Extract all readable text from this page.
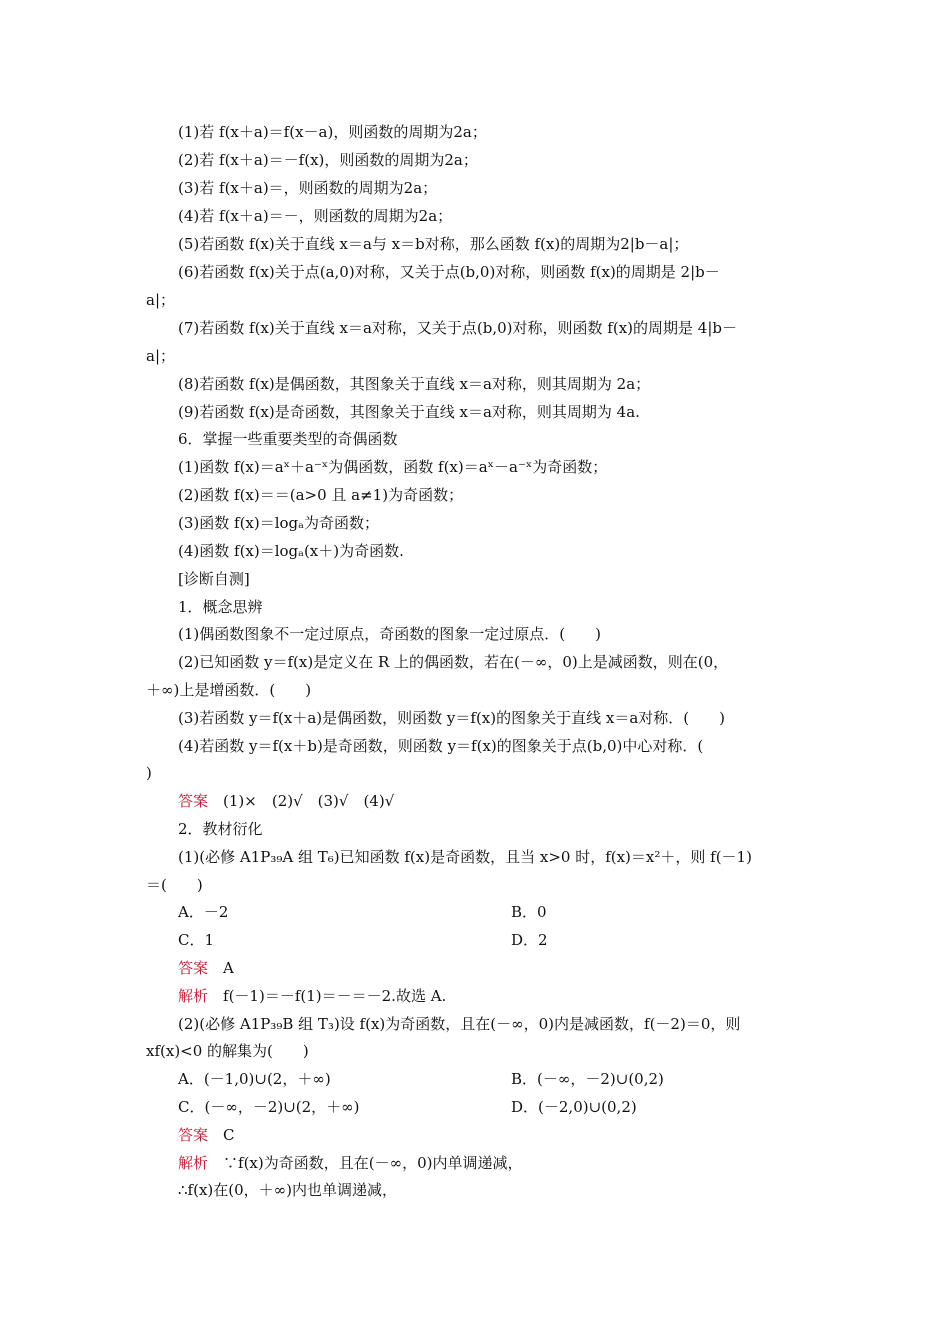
(1)若 f(x＋a)＝f(x－a)，则函数的周期为2a；
(2)若 f(x＋a)＝－f(x)，则函数的周期为2a；
(3)若 f(x＋a)＝，则函数的周期为2a；
(4)若 f(x＋a)＝－，则函数的周期为2a；
(5)若函数 f(x)关于直线 x＝a与 x＝b对称，那么函数 f(x)的周期为2|b－a|；
(6)若函数 f(x)关于点(a,0)对称，又关于点(b,0)对称，则函数 f(x)的周期是 2|b－
a|；
(7)若函数 f(x)关于直线 x＝a对称，又关于点(b,0)对称，则函数 f(x)的周期是 4|b－
a|；
(8)若函数 f(x)是偶函数，其图象关于直线 x＝a对称，则其周期为 2a；
(9)若函数 f(x)是奇函数，其图象关于直线 x＝a对称，则其周期为 4a.
6．掌握一些重要类型的奇偶函数
(1)函数 f(x)＝aˣ＋a⁻ˣ为偶函数，函数 f(x)＝aˣ－a⁻ˣ为奇函数；
(2)函数 f(x)＝＝(a>0 且 a≠1)为奇函数；
(3)函数 f(x)＝logₐ为奇函数；
(4)函数 f(x)＝logₐ(x＋)为奇函数.
[诊断自测]
1．概念思辨
(1)偶函数图象不一定过原点，奇函数的图象一定过原点．(　　)
(2)已知函数 y＝f(x)是定义在 R 上的偶函数，若在(－∞，0)上是减函数，则在(0，
＋∞)上是增函数．(　　)
(3)若函数 y＝f(x＋a)是偶函数，则函数 y＝f(x)的图象关于直线 x＝a对称．(　　)
(4)若函数 y＝f(x＋b)是奇函数，则函数 y＝f(x)的图象关于点(b,0)中心对称．(
)
答案　 (1)×　(2)√　(3)√　(4)√
2．教材衍化
(1)(必修 A1P₃₉A 组 T₆)已知函数 f(x)是奇函数，且当 x>0 时，f(x)＝x²＋，则 f(－1)
＝(　　)
A．－2	B．0
C．1	D．2
答案　 A
解析　 f(－1)＝－f(1)＝－＝－2.故选 A.
(2)(必修 A1P₃₉B 组 T₃)设 f(x)为奇函数，且在(－∞，0)内是减函数，f(－2)＝0，则
xf(x)<0 的解集为(　　)
A．(－1,0)∪(2，＋∞)	B．(－∞，－2)∪(0,2)
C．(－∞，－2)∪(2，＋∞)	D．(－2,0)∪(0,2)
答案　 C
解析　 ∵f(x)为奇函数，且在(－∞，0)内单调递减，
∴f(x)在(0，＋∞)内也单调递减，
